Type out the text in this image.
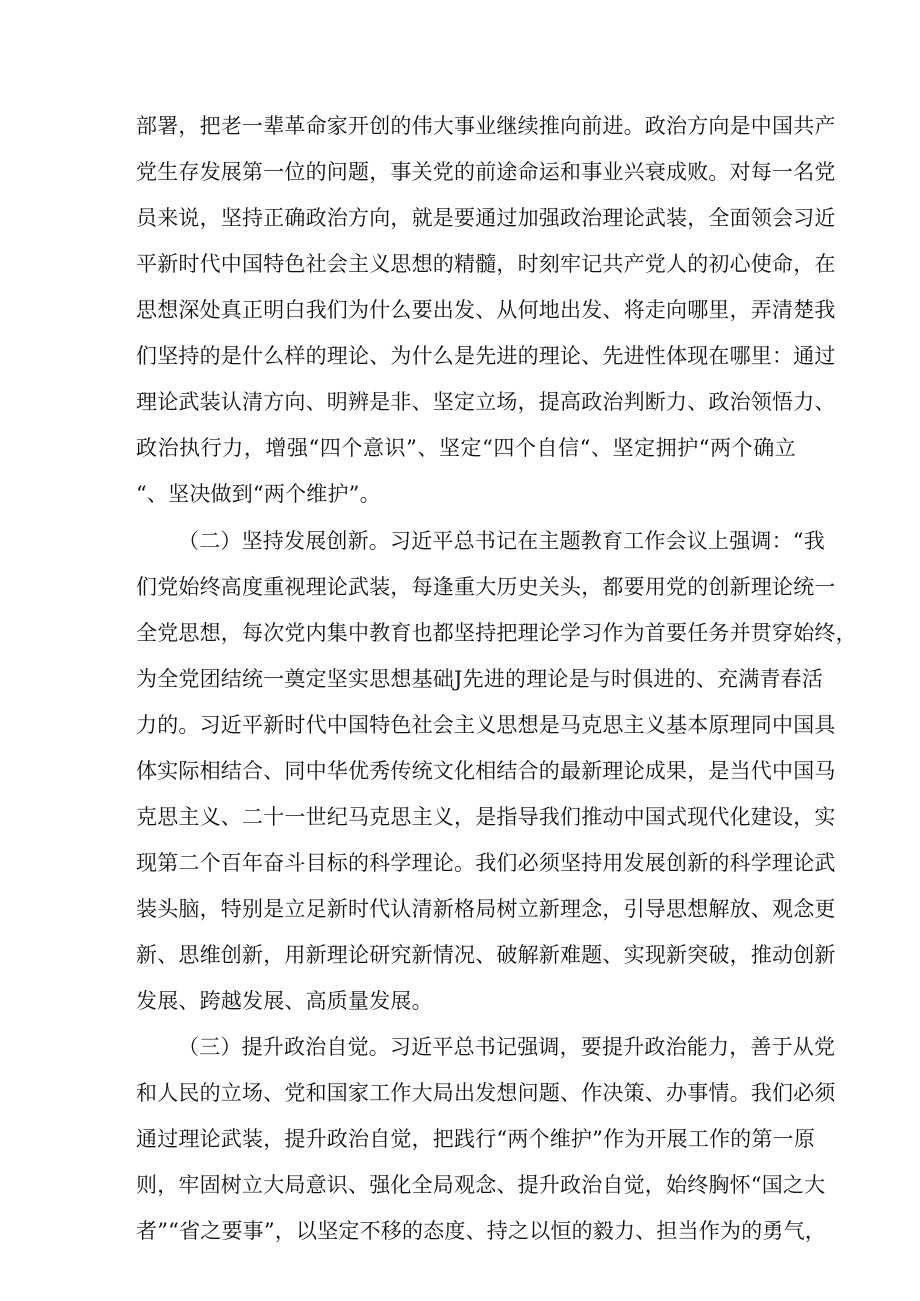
部署，把老一辈革命家开创的伟大事业继续推向前进。政治方向是中国共产
党生存发展第一位的问题，事关党的前途命运和事业兴衰成败。对每一名党
员来说，坚持正确政治方向，就是要通过加强政治理论武装，全面领会习近
平新时代中国特色社会主义思想的精髓，时刻牢记共产党人的初心使命，在
思想深处真正明白我们为什么要出发、从何地出发、将走向哪里，弄清楚我
们坚持的是什么样的理论、为什么是先进的理论、先进性体现在哪里：通过
理论武装认清方向、明辨是非、坚定立场，提高政治判断力、政治领悟力、
政治执行力，增强“四个意识”、坚定“四个自信“、坚定拥护“两个确立
“、坚决做到“两个维护”。
（二）坚持发展创新。习近平总书记在主题教育工作会议上强调：“我
们党始终高度重视理论武装，每逢重大历史关头，都要用党的创新理论统一
全党思想，每次党内集中教育也都坚持把理论学习作为首要任务并贯穿始终，
为全党团结统一奠定坚实思想基础J先进的理论是与时俱进的、充满青春活
力的。习近平新时代中国特色社会主义思想是马克思主义基本原理同中国具
体实际相结合、同中华优秀传统文化相结合的最新理论成果，是当代中国马
克思主义、二十一世纪马克思主义，是指导我们推动中国式现代化建设，实
现第二个百年奋斗目标的科学理论。我们必须坚持用发展创新的科学理论武
装头脑，特别是立足新时代认清新格局树立新理念，引导思想解放、观念更
新、思维创新，用新理论研究新情况、破解新难题、实现新突破，推动创新
发展、跨越发展、高质量发展。
（三）提升政治自觉。习近平总书记强调，要提升政治能力，善于从党
和人民的立场、党和国家工作大局出发想问题、作决策、办事情。我们必须
通过理论武装，提升政治自觉，把践行“两个维护”作为开展工作的第一原
则，牢固树立大局意识、强化全局观念、提升政治自觉，始终胸怀“国之大
者”“省之要事”，以坚定不移的态度、持之以恒的毅力、担当作为的勇气，
